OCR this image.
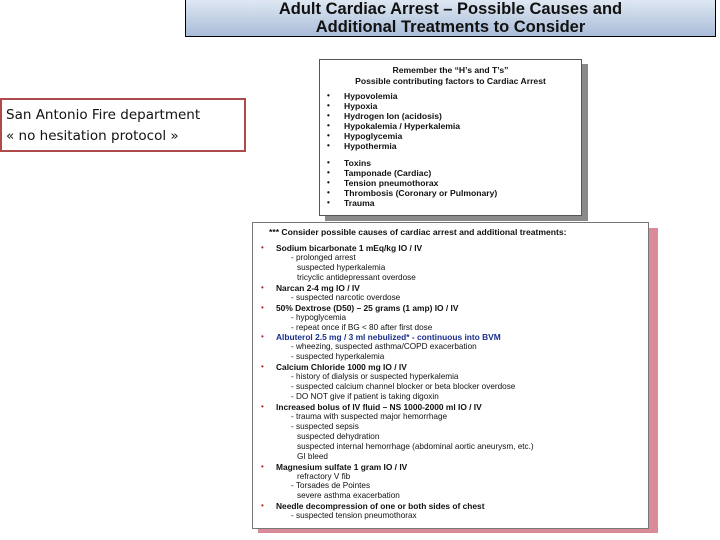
Adult Cardiac Arrest – Possible Causes and
Additional Treatments to Consider
San Antonio Fire department
« no hesitation protocol »
Remember the “H’s and T’s”
Possible contributing factors to Cardiac Arrest
• Hypovolemia
• Hypoxia
• Hydrogen Ion (acidosis)
• Hypokalemia / Hyperkalemia
• Hypoglycemia
• Hypothermia
• Toxins
• Tamponade (Cardiac)
• Tension pneumothorax
• Thrombosis (Coronary or Pulmonary)
• Trauma
*** Consider possible causes of cardiac arrest and additional treatments:
• Sodium bicarbonate 1 mEq/kg IO / IV
- prolonged arrest
suspected hyperkalemia
tricyclic antidepressant overdose
• Narcan 2-4 mg IO / IV
- suspected narcotic overdose
• 50% Dextrose (D50) – 25 grams (1 amp) IO / IV
- hypoglycemia
- repeat once if BG < 80 after first dose
• Albuterol 2.5 mg / 3 ml nebulized* - continuous into BVM
- wheezing, suspected asthma/COPD exacerbation
- suspected hyperkalemia
• Calcium Chloride 1000 mg IO / IV
- history of dialysis or suspected hyperkalemia
- suspected calcium channel blocker or beta blocker overdose
- DO NOT give if patient is taking digoxin
• Increased bolus of IV fluid – NS 1000-2000 ml IO / IV
- trauma with suspected major hemorrhage
- suspected sepsis
suspected dehydration
suspected internal hemorrhage (abdominal aortic aneurysm, etc.)
GI bleed
• Magnesium sulfate 1 gram IO / IV
refractory V fib
- Torsades de Pointes
severe asthma exacerbation
• Needle decompression of one or both sides of chest
- suspected tension pneumothorax
